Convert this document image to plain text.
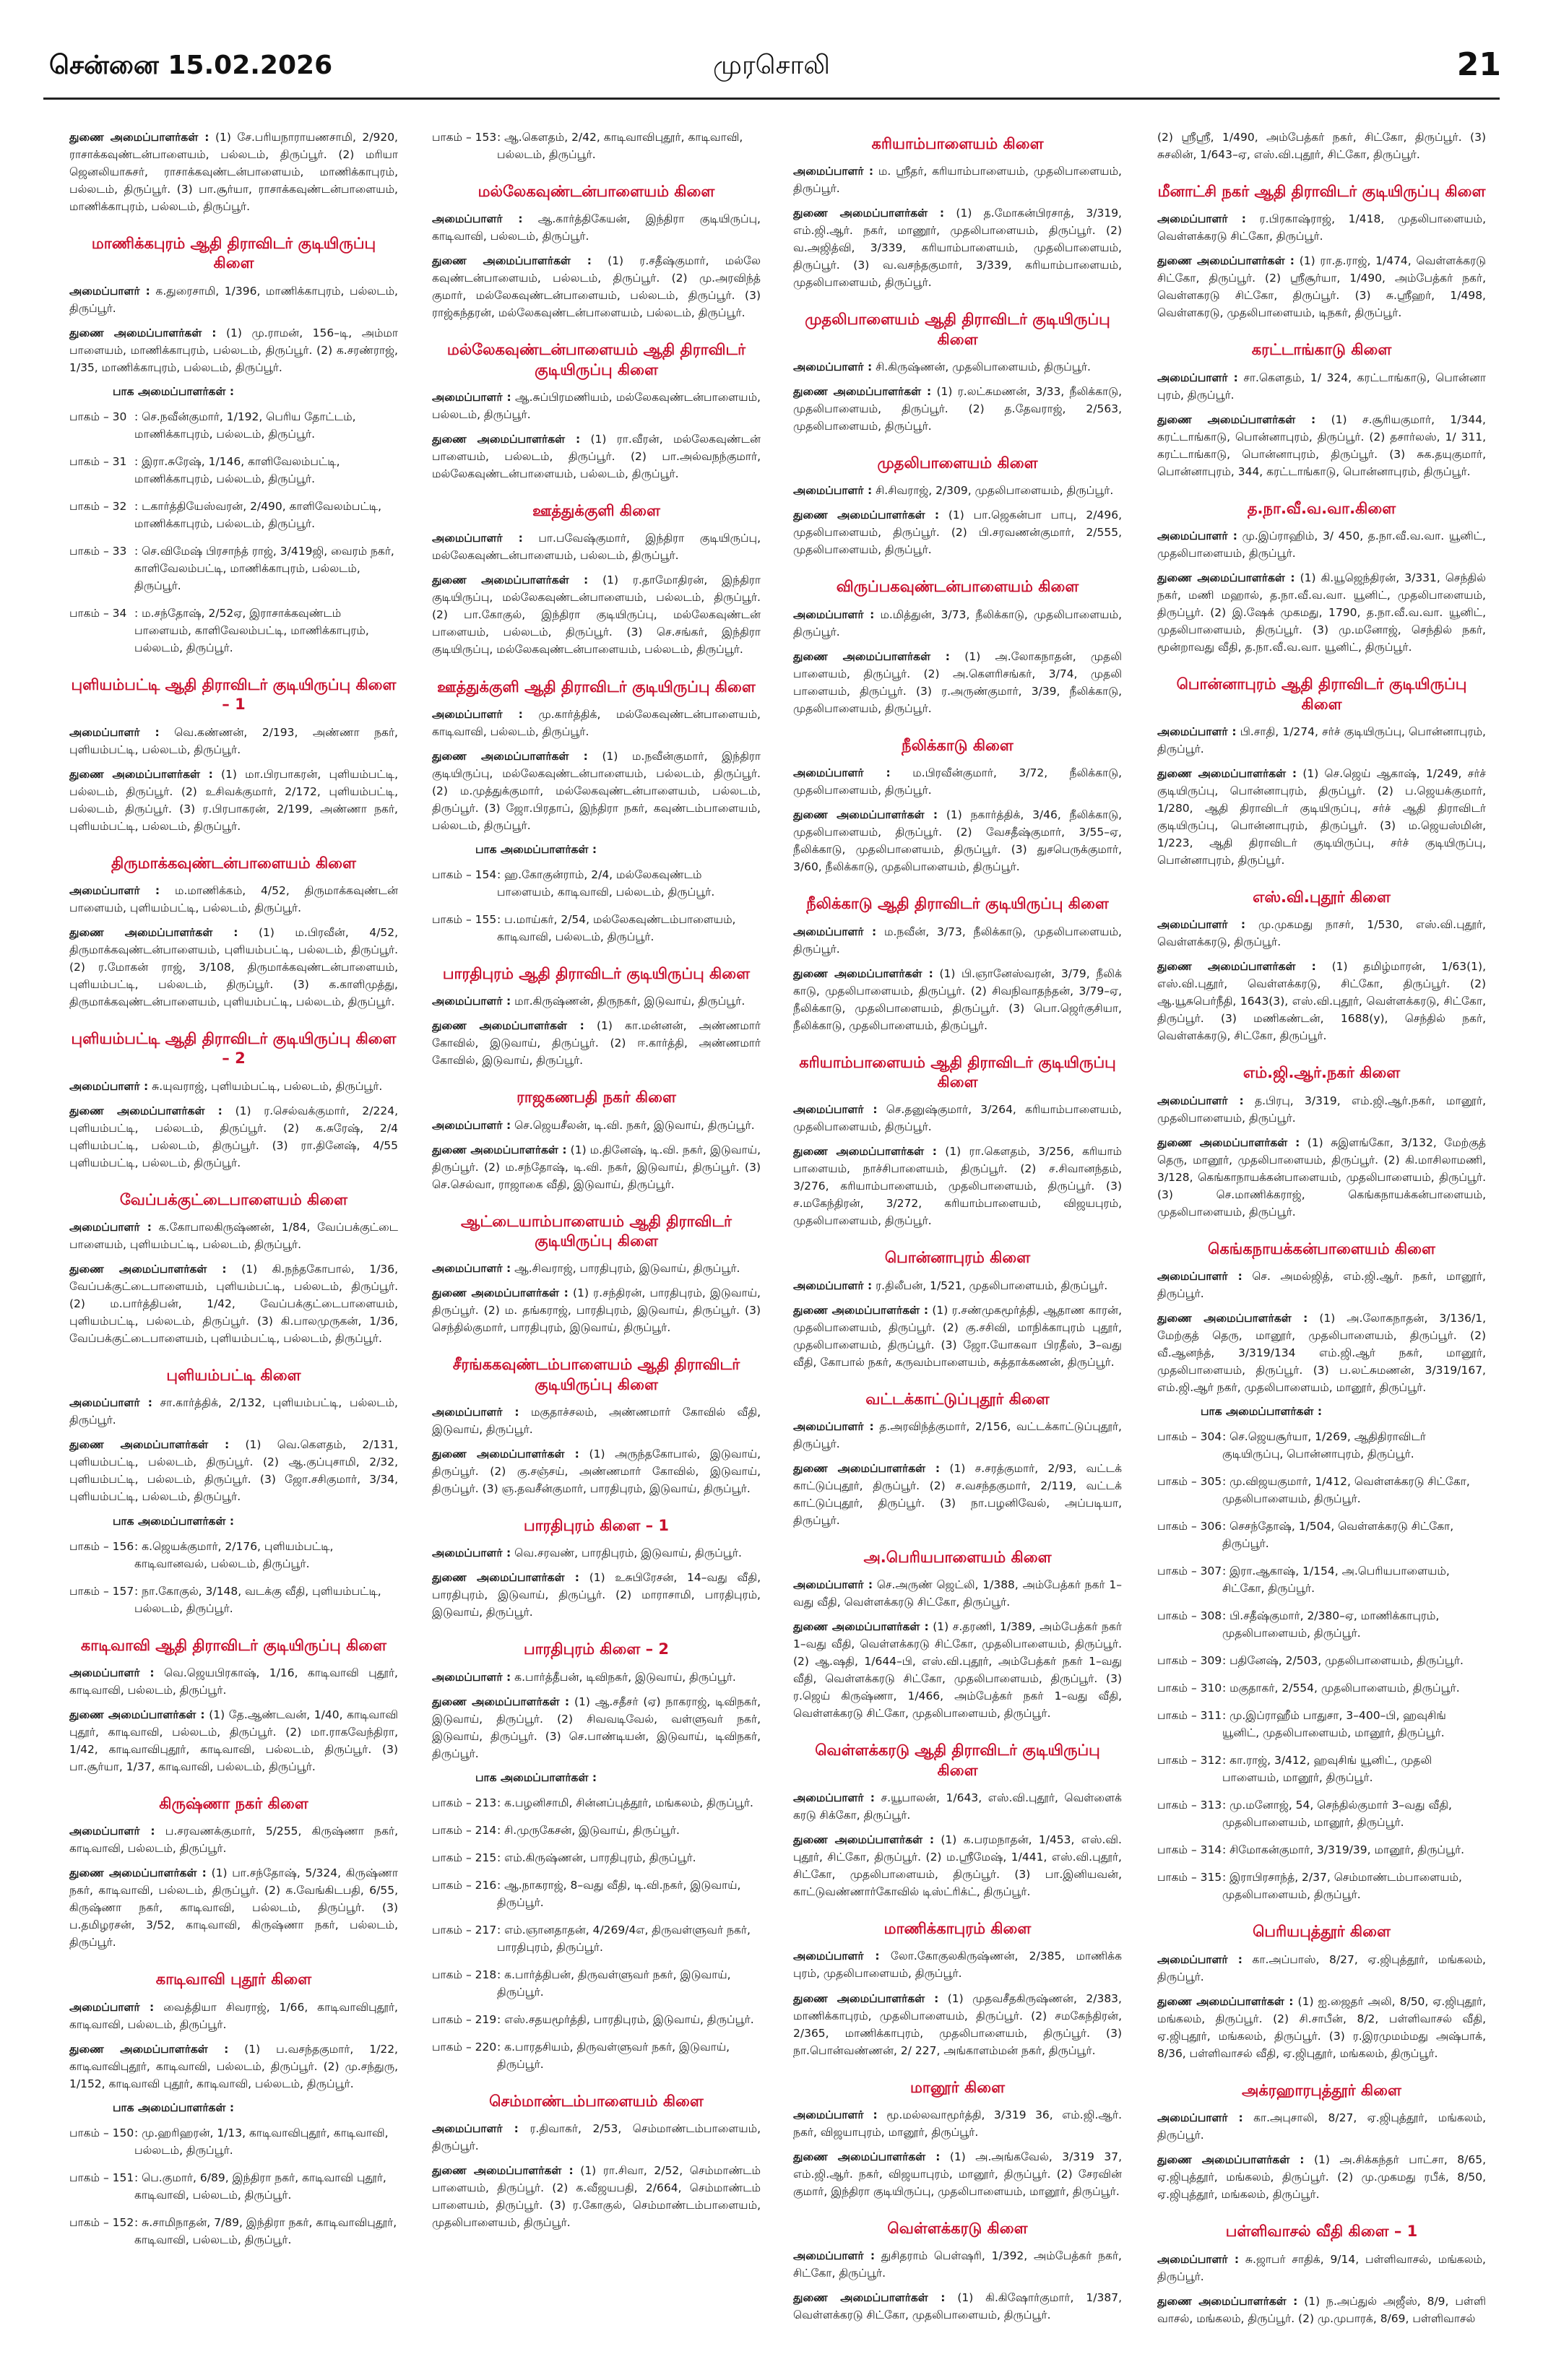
சென்னை 15.02.2026	முரசொலி	21
துணை அமைப்பாளர்கள் : (1) சே.பரியநாராயணசாமி, 2/920, ராசாக்கவுண்டன்பாளையம், பல்லடம், திருப்பூர். (2) மரியா ஜெனலியாசுசர், ராசாக்கவுண்டன்பாளையம், மாணிக்காபுரம், பல்லடம், திருப்பூர். (3) பா.சூர்யா, ராசாக்கவுண்டன்பாளையம், மாணிக்காபுரம், பல்லடம், திருப்பூர்.
மாணிக்கபுரம் ஆதி திராவிடர் குடியிருப்பு கிளை
அமைப்பாளர் : க.துரைசாமி, 1/396, மாணிக்காபுரம், பல்லடம், திருப்பூர்.
துணை அமைப்பாளர்கள் : (1) மு.ராமன், 156–டி, அம்மா பாளையம், மாணிக்காபுரம், பல்லடம், திருப்பூர். (2) க.சரண்ராஜ், 1/35, மாணிக்காபுரம், பல்லடம், திருப்பூர்.
பாக அமைப்பாளர்கள் :
பாகம் – 30 : செ.நவீன்குமார், 1/192, பெரிய தோட்டம், மாணிக்காபுரம், பல்லடம், திருப்பூர்.
பாகம் – 31 : இரா.சுரேஷ், 1/146, காளிவேலம்பட்டி, மாணிக்காபுரம், பல்லடம், திருப்பூர்.
பாகம் – 32 : டகார்த்தியேஸ்வரன், 2/490, காளிவேலம்பட்டி, மாணிக்காபுரம், பல்லடம், திருப்பூர்.
பாகம் – 33 : செ.விமேஷ் பிரசாந்த் ராஜ், 3/419ஜி, வைரம் நகர், காளிவேலம்பட்டி, மாணிக்காபுரம், பல்லடம், திருப்பூர்.
பாகம் – 34 : ம.சந்தோஷ், 2/52ஏ, இராசாக்கவுண்டம் பாளையம், காளிவேலம்பட்டி, மாணிக்காபுரம், பல்லடம், திருப்பூர்.
புளியம்பட்டி ஆதி திராவிடர் குடியிருப்பு கிளை – 1
அமைப்பாளர் : வெ.கண்ணன், 2/193, அண்ணா நகர், புளியம்பட்டி, பல்லடம், திருப்பூர்.
துணை அமைப்பாளர்கள் : (1) மா.பிரபாகரன், புளியம்பட்டி, பல்லடம், திருப்பூர். (2) உசிவக்குமார், 2/172, புளியம்பட்டி, பல்லடம், திருப்பூர். (3) ர.பிரபாகரன், 2/199, அண்ணா நகர், புளியம்பட்டி, பல்லடம், திருப்பூர்.
திருமாக்கவுண்டன்பாளையம் கிளை
அமைப்பாளர் : ம.மாணிக்கம், 4/52, திருமாக்கவுண்டன் பாளையம், புளியம்பட்டி, பல்லடம், திருப்பூர்.
துணை அமைப்பாளர்கள் : (1) ம.பிரவீன், 4/52, திருமாக்கவுண்டன்பாளையம், புளியம்பட்டி, பல்லடம், திருப்பூர். (2) ர.மோகன் ராஜ், 3/108, திருமாக்கவுண்டன்பாளையம், புளியம்பட்டி, பல்லடம், திருப்பூர். (3) க.காளிமுத்து, திருமாக்கவுண்டன்பாளையம், புளியம்பட்டி, பல்லடம், திருப்பூர்.
புளியம்பட்டி ஆதி திராவிடர் குடியிருப்பு கிளை – 2
அமைப்பாளர் : சு.யுவராஜ், புளியம்பட்டி, பல்லடம், திருப்பூர்.
துணை அமைப்பாளர்கள் : (1) ர.செல்வக்குமார், 2/224, புளியம்பட்டி, பல்லடம், திருப்பூர். (2) க.சுரேஷ், 2/4 புளியம்பட்டி, பல்லடம், திருப்பூர். (3) ரா.தினேஷ், 4/55 புளியம்பட்டி, பல்லடம், திருப்பூர்.
வேப்பக்குட்டைபாளையம் கிளை
அமைப்பாளர் : க.கோபாலகிருஷ்ணன், 1/84, வேப்பக்குட்டை பாளையம், புளியம்பட்டி, பல்லடம், திருப்பூர்.
துணை அமைப்பாளர்கள் : (1) கி.நந்தகோபால், 1/36, வேப்பக்குட்டைபாளையம், புளியம்பட்டி, பல்லடம், திருப்பூர். (2) ம.பார்த்திபன், 1/42, வேப்பக்குட்டைபாளையம், புளியம்பட்டி, பல்லடம், திருப்பூர். (3) கி.பாலமுருகன், 1/36, வேப்பக்குட்டைபாளையம், புளியம்பட்டி, பல்லடம், திருப்பூர்.
புளியம்பட்டி கிளை
அமைப்பாளர் : சா.கார்த்திக், 2/132, புளியம்பட்டி, பல்லடம், திருப்பூர்.
துணை அமைப்பாளர்கள் : (1) வெ.கௌதம், 2/131, புளியம்பட்டி, பல்லடம், திருப்பூர். (2) ஆ.குப்புசாமி, 2/32, புளியம்பட்டி, பல்லடம், திருப்பூர். (3) ஜோ.சசிகுமார், 3/34, புளியம்பட்டி, பல்லடம், திருப்பூர்.
பாக அமைப்பாளர்கள் :
பாகம் – 156 : க.ஜெயக்குமார், 2/176, புளியம்பட்டி, காடிவானவல், பல்லடம், திருப்பூர்.
பாகம் – 157 : நா.கோகுல், 3/148, வடக்கு வீதி, புளியம்பட்டி, பல்லடம், திருப்பூர்.
காடிவாவி ஆதி திராவிடர் குடியிருப்பு கிளை
அமைப்பாளர் : வெ.ஜெயபிரகாஷ், 1/16, காடிவாவி புதூர், காடிவாவி, பல்லடம், திருப்பூர்.
துணை அமைப்பாளர்கள் : (1) தே.ஆண்டவன், 1/40, காடிவாவி புதூர், காடிவாவி, பல்லடம், திருப்பூர். (2) மா.ராகவேந்திரா, 1/42, காடிவாவிபுதூர், காடிவாவி, பல்லடம், திருப்பூர். (3) பா.சூர்யா, 1/37, காடிவாவி, பல்லடம், திருப்பூர்.
கிருஷ்ணா நகர் கிளை
அமைப்பாளர் : ப.சரவணக்குமார், 5/255, கிருஷ்ணா நகர், காடிவாவி, பல்லடம், திருப்பூர்.
துணை அமைப்பாளர்கள் : (1) பா.சந்தோஷ், 5/324, கிருஷ்ணா நகர், காடிவாவி, பல்லடம், திருப்பூர். (2) க.வேங்கிடபதி, 6/55, கிருஷ்ணா நகர், காடிவாவி, பல்லடம், திருப்பூர். (3) ப.தமிழரசன், 3/52, காடிவாவி, கிருஷ்ணா நகர், பல்லடம், திருப்பூர்.
காடிவாவி புதூர் கிளை
அமைப்பாளர் : வைத்தியா சிவராஜ், 1/66, காடிவாவிபுதூர், காடிவாவி, பல்லடம், திருப்பூர்.
துணை அமைப்பாளர்கள் : (1) ப.வசந்தகுமார், 1/22, காடிவாவிபுதூர், காடிவாவி, பல்லடம், திருப்பூர். (2) மு.சந்துரு, 1/152, காடிவாவி புதூர், காடிவாவி, பல்லடம், திருப்பூர்.
பாக அமைப்பாளர்கள் :
பாகம் – 150 : மு.ஹரிஹரன், 1/13, காடிவாவிபுதூர், காடிவாவி, பல்லடம், திருப்பூர்.
பாகம் – 151 : பெ.குமார், 6/89, இந்திரா நகர், காடிவாவி புதூர், காடிவாவி, பல்லடம், திருப்பூர்.
பாகம் – 152 : சு.சாமிநாதன், 7/89, இந்திரா நகர், காடிவாவிபுதூர், காடிவாவி, பல்லடம், திருப்பூர்.
பாகம் – 153 : ஆ.கௌதம், 2/42, காடிவாவிபுதூர், காடிவாவி, பல்லடம், திருப்பூர்.
மல்லேகவுண்டன்பாளையம் கிளை
அமைப்பாளர் : ஆ.கார்த்திகேயன், இந்திரா குடியிருப்பு, காடிவாவி, பல்லடம், திருப்பூர்.
துணை அமைப்பாளர்கள் : (1) ர.சதீஷ்குமார், மல்லே கவுண்டன்பாளையம், பல்லடம், திருப்பூர். (2) மு.அரவிந்த் குமார், மல்லேகவுண்டன்பாளையம், பல்லடம், திருப்பூர். (3) ராஜ்கந்தரன், மல்லேகவுண்டன்பாளையம், பல்லடம், திருப்பூர்.
மல்லேகவுண்டன்பாளையம் ஆதி திராவிடர் குடியிருப்பு கிளை
அமைப்பாளர் : ஆ.சுப்பிரமணியம், மல்லேகவுண்டன்பாளையம், பல்லடம், திருப்பூர்.
துணை அமைப்பாளர்கள் : (1) ரா.வீரன், மல்லேகவுண்டன் பாளையம், பல்லடம், திருப்பூர். (2) பா.அல்வநந்குமார், மல்லேகவுண்டன்பாளையம், பல்லடம், திருப்பூர்.
ஊத்துக்குளி கிளை
அமைப்பாளர் : பா.பவேஷ்குமார், இந்திரா குடியிருப்பு, மல்லேகவுண்டன்பாளையம், பல்லடம், திருப்பூர்.
துணை அமைப்பாளர்கள் : (1) ர.தாமோதிரன், இந்திரா குடியிருப்பு, மல்லேகவுண்டன்பாளையம், பல்லடம், திருப்பூர். (2) பா.கோகுல், இந்திரா குடியிருப்பு, மல்லேகவுண்டன் பாளையம், பல்லடம், திருப்பூர். (3) செ.சங்கர், இந்திரா குடியிருப்பு, மல்லேகவுண்டன்பாளையம், பல்லடம், திருப்பூர்.
ஊத்துக்குளி ஆதி திராவிடர் குடியிருப்பு கிளை
அமைப்பாளர் : மு.கார்த்திக், மல்லேகவுண்டன்பாளையம், காடிவாவி, பல்லடம், திருப்பூர்.
துணை அமைப்பாளர்கள் : (1) ம.நவீன்குமார், இந்திரா குடியிருப்பு, மல்லேகவுண்டன்பாளையம், பல்லடம், திருப்பூர். (2) ம.முத்துக்குமார், மல்லேகவுண்டன்பாளையம், பல்லடம், திருப்பூர். (3) ஜோ.பிரதாப், இந்திரா நகர், கவுண்டம்பாளையம், பல்லடம், திருப்பூர்.
பாக அமைப்பாளர்கள் :
பாகம் – 154 : ஹ.கோகுன்ராம், 2/4, மல்லேகவுண்டம் பாளையம், காடிவாவி, பல்லடம், திருப்பூர்.
பாகம் – 155 : ப.மாய்கர், 2/54, மல்லேகவுண்டம்பாளையம், காடிவாவி, பல்லடம், திருப்பூர்.
பாரதிபுரம் ஆதி திராவிடர் குடியிருப்பு கிளை
அமைப்பாளர் : மா.கிருஷ்ணன், திருநகர், இடுவாய், திருப்பூர்.
துணை அமைப்பாளர்கள் : (1) கா.மன்னன், அண்ணமார் கோவில், இடுவாய், திருப்பூர். (2) ஈ.கார்த்தி, அண்ணமார் கோவில், இடுவாய், திருப்பூர்.
ராஜகணபதி நகர் கிளை
அமைப்பாளர் : செ.ஜெயசீலன், டி.வி. நகர், இடுவாய், திருப்பூர்.
துணை அமைப்பாளர்கள் : (1) ம.தினேஷ், டி.வி. நகர், இடுவாய், திருப்பூர். (2) ம.சந்தோஷ், டி.வி. நகர், இடுவாய், திருப்பூர். (3) செ.செல்வா, ராஜாகை வீதி, இடுவாய், திருப்பூர்.
ஆட்டையாம்பாளையம் ஆதி திராவிடர் குடியிருப்பு கிளை
அமைப்பாளர் : ஆ.சிவராஜ், பாரதிபுரம், இடுவாய், திருப்பூர்.
துணை அமைப்பாளர்கள் : (1) ர.சந்திரன், பாரதிபுரம், இடுவாய், திருப்பூர். (2) ம. தங்கராஜ், பாரதிபுரம், இடுவாய், திருப்பூர். (3) செந்தில்குமார், பாரதிபுரம், இடுவாய், திருப்பூர்.
சீரங்ககவுண்டம்பாளையம் ஆதி திராவிடர் குடியிருப்பு கிளை
அமைப்பாளர் : மகுதாச்சலம், அண்ணமார் கோவில் வீதி, இடுவாய், திருப்பூர்.
துணை அமைப்பாளர்கள் : (1) அருந்தகோபால், இடுவாய், திருப்பூர். (2) கு.சஞ்சய், அண்ணமார் கோவில், இடுவாய், திருப்பூர். (3) ஞ.தவசீன்குமார், பாரதிபுரம், இடுவாய், திருப்பூர்.
பாரதிபுரம் கிளை – 1
அமைப்பாளர் : வெ.சரவண், பாரதிபுரம், இடுவாய், திருப்பூர்.
துணை அமைப்பாளர்கள் : (1) உசுபிரேசன், 14–வது வீதி, பாரதிபுரம், இடுவாய், திருப்பூர். (2) மாராசாமி, பாரதிபுரம், இடுவாய், திருப்பூர்.
பாரதிபுரம் கிளை – 2
அமைப்பாளர் : க.பார்த்தீபன், டிவிநகர், இடுவாய், திருப்பூர்.
துணை அமைப்பாளர்கள் : (1) ஆ.சதீசர் (ஏ) நாகராஜ், டிவிநகர், இடுவாய், திருப்பூர். (2) சிவவடிவேல், வள்ளுவர் நகர், இடுவாய், திருப்பூர். (3) செ.பாண்டியன், இடுவாய், டிவிநகர், திருப்பூர்.
பாக அமைப்பாளர்கள் :
பாகம் – 213 : க.பழனிசாமி, சின்னப்புத்தூர், மங்கலம், திருப்பூர்.
பாகம் – 214 : சி.முருகேசன், இடுவாய், திருப்பூர்.
பாகம் – 215 : எம்.கிருஷ்ணன், பாரதிபுரம், திருப்பூர்.
பாகம் – 216 : ஆ.நாகராஜ், 8–வது வீதி, டி.வி.நகர், இடுவாய், திருப்பூர்.
பாகம் – 217 : எம்.ஞானதாதன், 4/269/4எ, திருவள்ளுவர் நகர், பாரதிபுரம், திருப்பூர்.
பாகம் – 218 : க.பார்த்திபன், திருவள்ளுவர் நகர், இடுவாய், திருப்பூர்.
பாகம் – 219 : எஸ்.சதயமூர்த்தி, பாரதிபுரம், இடுவாய், திருப்பூர்.
பாகம் – 220 : க.பாரதசியம், திருவள்ளுவர் நகர், இடுவாய், திருப்பூர்.
செம்மாண்டம்பாளையம் கிளை
அமைப்பாளர் : ர.திவாகர், 2/53, செம்மாண்டம்பாளையம், திருப்பூர்.
துணை அமைப்பாளர்கள் : (1) ரா.சிவா, 2/52, செம்மாண்டம் பாளையம், திருப்பூர். (2) க.வீஜயபதி, 2/664, செம்மாண்டம் பாளையம், திருப்பூர். (3) ர.கோகுல், செம்மாண்டம்பாளையம், முதலிபாளையம், திருப்பூர்.
கரியாம்பாளையம் கிளை
அமைப்பாளர் : ம. ஸ்ரீதர், கரியாம்பாளையம், முதலிபாளையம், திருப்பூர்.
துணை அமைப்பாளர்கள் : (1) த.மோகன்பிரசாத், 3/319, எம்.ஜி.ஆர். நகர், மாணூர், முதலிபாளையம், திருப்பூர். (2) வ.அஜித்வி, 3/339, கரியாம்பாளையம், முதலிபாளையம், திருப்பூர். (3) வ.வசந்தகுமார், 3/339, கரியாம்பாளையம், முதலிபாளையம், திருப்பூர்.
முதலிபாளையம் ஆதி திராவிடர் குடியிருப்பு கிளை
அமைப்பாளர் : சி.கிருஷ்ணன், முதலிபாளையம், திருப்பூர்.
துணை அமைப்பாளர்கள் : (1) ர.லட்சுமணன், 3/33, நீலிக்காடு, முதலிபாளையம், திருப்பூர். (2) த.தேவராஜ், 2/563, முதலிபாளையம், திருப்பூர்.
முதலிபாளையம் கிளை
அமைப்பாளர் : சி.சிவராஜ், 2/309, முதலிபாளையம், திருப்பூர்.
துணை அமைப்பாளர்கள் : (1) பா.ஜெகன்பா பாபு, 2/496, முதலிபாளையம், திருப்பூர். (2) பி.சரவணன்குமார், 2/555, முதலிபாளையம், திருப்பூர்.
விருப்பகவுண்டன்பாளையம் கிளை
அமைப்பாளர் : ம.மித்துன், 3/73, நீலிக்காடு, முதலிபாளையம், திருப்பூர்.
துணை அமைப்பாளர்கள் : (1) அ.லோகநாதன், முதலி பாளையம், திருப்பூர். (2) அ.கௌரிசங்கர், 3/74, முதலி பாளையம், திருப்பூர். (3) ர.அருண்குமார், 3/39, நீலிக்காடு, முதலிபாளையம், திருப்பூர்.
நீலிக்காடு கிளை
அமைப்பாளர் : ம.பிரவீன்குமார், 3/72, நீலிக்காடு, முதலிபாளையம், திருப்பூர்.
துணை அமைப்பாளர்கள் : (1) நகார்த்திக், 3/46, நீலிக்காடு, முதலிபாளையம், திருப்பூர். (2) வேசதீஷ்குமார், 3/55–ஏ, நீலிக்காடு, முதலிபாளையம், திருப்பூர். (3) துசபெருக்குமார், 3/60, நீலிக்காடு, முதலிபாளையம், திருப்பூர்.
நீலிக்காடு ஆதி திராவிடர் குடியிருப்பு கிளை
அமைப்பாளர் : ம.நவீன், 3/73, நீலிக்காடு, முதலிபாளையம், திருப்பூர்.
துணை அமைப்பாளர்கள் : (1) பி.ஞானேஸ்வரன், 3/79, நீலிக் காடு, முதலிபாளையம், திருப்பூர். (2) சிவநிவாதந்தன், 3/79–ஏ, நீலிக்காடு, முதலிபாளையம், திருப்பூர். (3) பொ.ஜெர்குசியா, நீலிக்காடு, முதலிபாளையம், திருப்பூர்.
கரியாம்பாளையம் ஆதி திராவிடர் குடியிருப்பு கிளை
அமைப்பாளர் : செ.தனுஷ்குமார், 3/264, கரியாம்பாளையம், முதலிபாளையம், திருப்பூர்.
துணை அமைப்பாளர்கள் : (1) ரா.கௌதம், 3/256, கரியாம் பாளையம், நாச்சிபாளையம், திருப்பூர். (2) ச.சிவானந்தம், 3/276, கரியாம்பாளையம், முதலிபாளையம், திருப்பூர். (3) ச.மகேந்திரன், 3/272, கரியாம்பாளையம், விஜயபுரம், முதலிபாளையம், திருப்பூர்.
பொன்னாபுரம் கிளை
அமைப்பாளர் : ர.திலீபன், 1/521, முதலிபாளையம், திருப்பூர்.
துணை அமைப்பாளர்கள் : (1) ர.சண்முகமூர்த்தி, ஆதாண காரன், முதலிபாளையம், திருப்பூர். (2) கு.சசிவி, மாநிக்காபுரம் புதூர், முதலிபாளையம், திருப்பூர். (3) ஜோ.யோகவா பிரதீஸ், 3–வது வீதி, கோபால் நகர், கருவம்பாளையம், சுத்தாக்கணன், திருப்பூர்.
வட்டக்காட்டுப்புதூர் கிளை
அமைப்பாளர் : த.அரவிந்த்குமார், 2/156, வட்டக்காட்டுப்புதூர், திருப்பூர்.
துணை அமைப்பாளர்கள் : (1) ச.சரத்குமார், 2/93, வட்டக் காட்டுப்புதூர், திருப்பூர். (2) ச.வசந்தகுமார், 2/119, வட்டக் காட்டுப்புதூர், திருப்பூர். (3) நா.பழனிவேல், அப்படியா, திருப்பூர்.
அ.பெரியபாளையம் கிளை
அமைப்பாளர் : செ.அருண் ஜெட்லி, 1/388, அம்பேத்கர் நகர் 1–வது வீதி, வெள்ளக்கரடு சிட்கோ, திருப்பூர்.
துணை அமைப்பாளர்கள் : (1) ச.தரணி, 1/389, அம்பேத்கர் நகர் 1–வது வீதி, வெள்ளக்கரடு சிட்கோ, முதலிபாளையம், திருப்பூர். (2) ஆ.ஷதி, 1/644–பி, எஸ்.வி.புதூர், அம்பேத்கர் நகர் 1–வது வீதி, வெள்ளக்கரடு சிட்கோ, முதலிபாளையம், திருப்பூர். (3) ர.ஜெய் கிருஷ்ணா, 1/466, அம்பேத்கர் நகர் 1–வது வீதி, வெள்ளக்கரடு சிட்கோ, முதலிபாளையம், திருப்பூர்.
வெள்ளக்கரடு ஆதி திராவிடர் குடியிருப்பு கிளை
அமைப்பாளர் : ச.யூபாலன், 1/643, எஸ்.வி.புதூர், வெள்ளைக் கரடு சிக்கோ, திருப்பூர்.
துணை அமைப்பாளர்கள் : (1) க.பரமநாதன், 1/453, எஸ்.வி. புதூர், சிட்கோ, திருப்பூர். (2) ம.ஸ்ரீமேஷ், 1/441, எஸ்.வி.புதூர், சிட்கோ, முதலிபாளையம், திருப்பூர். (3) பா.இனியவன், காட்டுவண்ணார்கோவில் டிஸ்ட்ரிக்ட், திருப்பூர்.
மாணிக்காபுரம் கிளை
அமைப்பாளர் : லோ.கோகுலகிருஷ்ணன், 2/385, மாணிக்க புரம், முதலிபாளையம், திருப்பூர்.
துணை அமைப்பாளர்கள் : (1) முதவசீதகிருஷ்ணன், 2/383, மாணிக்காபுரம், முதலிபாளையம், திருப்பூர். (2) சமகேந்திரன், 2/365, மாணிக்காபுரம், முதலிபாளையம், திருப்பூர். (3) நா.பொன்வண்ணன், 2/ 227, அங்காளம்மன் நகர், திருப்பூர்.
மானூர் கிளை
அமைப்பாளர் : மூ.மல்லவாமூர்த்தி, 3/319 36, எம்.ஜி.ஆர். நகர், விஜயாபுரம், மானூர், திருப்பூர்.
துணை அமைப்பாளர்கள் : (1) அ.அங்கவேல், 3/319 37, எம்.ஜி.ஆர். நகர், விஜயாபுரம், மானூர், திருப்பூர். (2) சேரவின் குமார், இந்திரா குடியிருப்பு, முதலிபாளையம், மானூர், திருப்பூர்.
வெள்ளக்கரடு கிளை
அமைப்பாளர் : துசிதராம் பெள்ஷரி, 1/392, அம்பேத்கர் நகர், சிட்கோ, திருப்பூர்.
துணை அமைப்பாளர்கள் : (1) கி.கிஷோர்குமார், 1/387, வெள்ளக்கரடு சிட்கோ, முதலிபாளையம், திருப்பூர்.
(2) ஸ்ரீஸ்ரீ, 1/490, அம்பேத்கர் நகர், சிட்கோ, திருப்பூர். (3) சுசலின், 1/643–ஏ, எஸ்.வி.புதூர், சிட்கோ, திருப்பூர்.
மீனாட்சி நகர் ஆதி திராவிடர் குடியிருப்பு கிளை
அமைப்பாளர் : ர.பிரகாஷ்ராஜ், 1/418, முதலிபாளையம், வெள்ளக்கரடு சிட்கோ, திருப்பூர்.
துணை அமைப்பாளர்கள் : (1) ரா.த.ராஜ், 1/474, வெள்ளக்கரடு சிட்கோ, திருப்பூர். (2) ஸ்ரீசூர்யா, 1/490, அம்பேத்கர் நகர், வெள்ளகரடு சிட்கோ, திருப்பூர். (3) சு.ஸ்ரீஹர், 1/498, வெள்ளகரடு, முதலிபாளையம், டிநகர், திருப்பூர்.
கரட்டாங்காடு கிளை
அமைப்பாளர் : சா.கௌதம், 1/ 324, கரட்டாங்காடு, பொன்னா புரம், திருப்பூர்.
துணை அமைப்பாளர்கள் : (1) ச.சூரியகுமார், 1/344, கரட்டாங்காடு, பொன்னாபுரம், திருப்பூர். (2) தசார்லஸ், 1/ 311, கரட்டாங்காடு, பொன்னாபுரம், திருப்பூர். (3) சுக.தயுகுமார், பொன்னாபுரம், 344, கரட்டாங்காடு, பொன்னாபுரம், திருப்பூர்.
த.நா.வீ.வ.வா.கிளை
அமைப்பாளர் : மு.இப்ராஹிம், 3/ 450, த.நா.வீ.வ.வா. யூனிட், முதலிபாளையம், திருப்பூர்.
துணை அமைப்பாளர்கள் : (1) கி.யூஜெந்திரன், 3/331, செந்தில் நகர், மணி மஹால், த.நா.வீ.வ.வா. யூனிட், முதலிபாளையம், திருப்பூர். (2) இ.ஷேக் முகமது, 1790, த.நா.வீ.வ.வா. யூனிட், முதலிபாளையம், திருப்பூர். (3) மு.மனோஜ், செந்தில் நகர், மூன்றாவது வீதி, த.நா.வீ.வ.வா. யூனிட், திருப்பூர்.
பொன்னாபுரம் ஆதி திராவிடர் குடியிருப்பு கிளை
அமைப்பாளர் : பி.சாதி, 1/274, சர்ச் குடியிருப்பு, பொன்னாபுரம், திருப்பூர்.
துணை அமைப்பாளர்கள் : (1) செ.ஜெய் ஆகாஷ், 1/249, சர்ச் குடியிருப்பு, பொன்னாபுரம், திருப்பூர். (2) ப.ஜெயக்குமார், 1/280, ஆதி திராவிடர் குடியிருப்பு, சர்ச் ஆதி திராவிடர் குடியிருப்பு, பொன்னாபுரம், திருப்பூர். (3) ம.ஜெயஸ்மின், 1/223, ஆதி திராவிடர் குடியிருப்பு, சர்ச் குடியிருப்பு, பொன்னாபுரம், திருப்பூர்.
எஸ்.வி.புதூர் கிளை
அமைப்பாளர் : மு.முகமது நாசர், 1/530, எஸ்.வி.புதூர், வெள்ளக்கரடு, திருப்பூர்.
துணை அமைப்பாளர்கள் : (1) தமிழ்மாரன், 1/63(1), எஸ்.வி.புதூர், வெள்ளக்கரடு, சிட்கோ, திருப்பூர். (2) ஆ.யூசுபெர்நீதி, 1643(3), எஸ்.வி.புதூர், வெள்ளக்கரடு, சிட்கோ, திருப்பூர். (3) மணிகண்டன், 1688(y), செந்தில் நகர், வெள்ளக்கரடு, சிட்கோ, திருப்பூர்.
எம்.ஜி.ஆர்.நகர் கிளை
அமைப்பாளர் : த.பிரபு, 3/319, எம்.ஜி.ஆர்.நகர், மானூர், முதலிபாளையம், திருப்பூர்.
துணை அமைப்பாளர்கள் : (1) சுஇளங்கோ, 3/132, மேற்குத் தெரு, மானூர், முதலிபாளையம், திருப்பூர். (2) கி.மாசிலாமணி, 3/128, கெங்காநாயக்கன்பாளையம், முதலிபாளையம், திருப்பூர். (3) செ.மாணிக்கராஜ், கெங்கநாயக்கன்பாளையம், முதலிபாளையம், திருப்பூர்.
கெங்கநாயக்கன்பாளையம் கிளை
அமைப்பாளர் : செ. அமல்ஜித், எம்.ஜி.ஆர். நகர், மானூர், திருப்பூர்.
துணை அமைப்பாளர்கள் : (1) அ.லோகநாதன், 3/136/1, மேற்குத் தெரு, மானூர், முதலிபாளையம், திருப்பூர். (2) வீ.ஆனந்த், 3/319/134 எம்.ஜி.ஆர் நகர், மானூர், முதலிபாளையம், திருப்பூர். (3) ப.லட்சுமணன், 3/319/167, எம்.ஜி.ஆர் நகர், முதலிபாளையம், மானூர், திருப்பூர்.
பாக அமைப்பாளர்கள் :
பாகம் – 304 : செ.ஜெயசூர்யா, 1/269, ஆதிதிராவிடர் குடியிருப்பு, பொன்னாபுரம், திருப்பூர்.
பாகம் – 305 : மு.விஜயகுமார், 1/412, வெள்ளக்கரடு சிட்கோ, முதலிபாளையம், திருப்பூர்.
பாகம் – 306 : செசந்தோஷ், 1/504, வெள்ளக்கரடு சிட்கோ, திருப்பூர்.
பாகம் – 307 : இரா.ஆகாஷ், 1/154, அ.பெரியபாளையம், சிட்கோ, திருப்பூர்.
பாகம் – 308 : பி.சதீஷ்குமார், 2/380–ஏ, மாணிக்காபுரம், முதலிபாளையம், திருப்பூர்.
பாகம் – 309 : பதினேஷ், 2/503, முதலிபாளையம், திருப்பூர்.
பாகம் – 310 : மகுதாகர், 2/554, முதலிபாளையம், திருப்பூர்.
பாகம் – 311 : மு.இப்ராஹீம் பாதுசா, 3–400–பி, ஹவுசிங் யூனிட், முதலிபாளையம், மானூர், திருப்பூர்.
பாகம் – 312 : கா.ராஜ், 3/412, ஹவுசிங் யூனிட், முதலி பாளையம், மானூர், திருப்பூர்.
பாகம் – 313 : மு.மனோஜ், 54, செந்தில்குமார் 3–வது வீதி, முதலிபாளையம், மானூர், திருப்பூர்.
பாகம் – 314 : சிமோகன்குமார், 3/319/39, மானூர், திருப்பூர்.
பாகம் – 315 : இராபிரசாந்த், 2/37, செம்மாண்டம்பாளையம், முதலிபாளையம், திருப்பூர்.
பெரியபுத்தூர் கிளை
அமைப்பாளர் : கா.அப்பாஸ், 8/27, ஏ.ஜிபுத்தூர், மங்கலம், திருப்பூர்.
துணை அமைப்பாளர்கள் : (1) ஐ.ஜைதர் அலி, 8/50, ஏ.ஜிபுதூர், மங்கலம், திருப்பூர். (2) சி.சாபீன், 8/2, பள்ளிவாசல் வீதி, ஏ.ஜிபுதூர், மங்கலம், திருப்பூர். (3) ர.இரமுமம்மது அஷ்பாக், 8/36, பள்ளிவாசல் வீதி, ஏ.ஜிபுதூர், மங்கலம், திருப்பூர்.
அக்ரஹாரபுத்தூர் கிளை
அமைப்பாளர் : கா.அபுசாலி, 8/27, ஏ.ஜிபுத்தூர், மங்கலம், திருப்பூர்.
துணை அமைப்பாளர்கள் : (1) அ.சிக்கந்தர் பாட்சா, 8/65, ஏ.ஜிபுத்தூர், மங்கலம், திருப்பூர். (2) மு.முகமது ரபீக், 8/50, ஏ.ஜிபுத்தூர், மங்கலம், திருப்பூர்.
பள்ளிவாசல் வீதி கிளை – 1
அமைப்பாளர் : சு.ஜாபர் சாதிக், 9/14, பள்ளிவாசல், மங்கலம், திருப்பூர்.
துணை அமைப்பாளர்கள் : (1) ந.அப்துல் அஜீஸ், 8/9, பள்ளி வாசல், மங்கலம், திருப்பூர். (2) மு.முபாரக், 8/69, பள்ளிவாசல்
